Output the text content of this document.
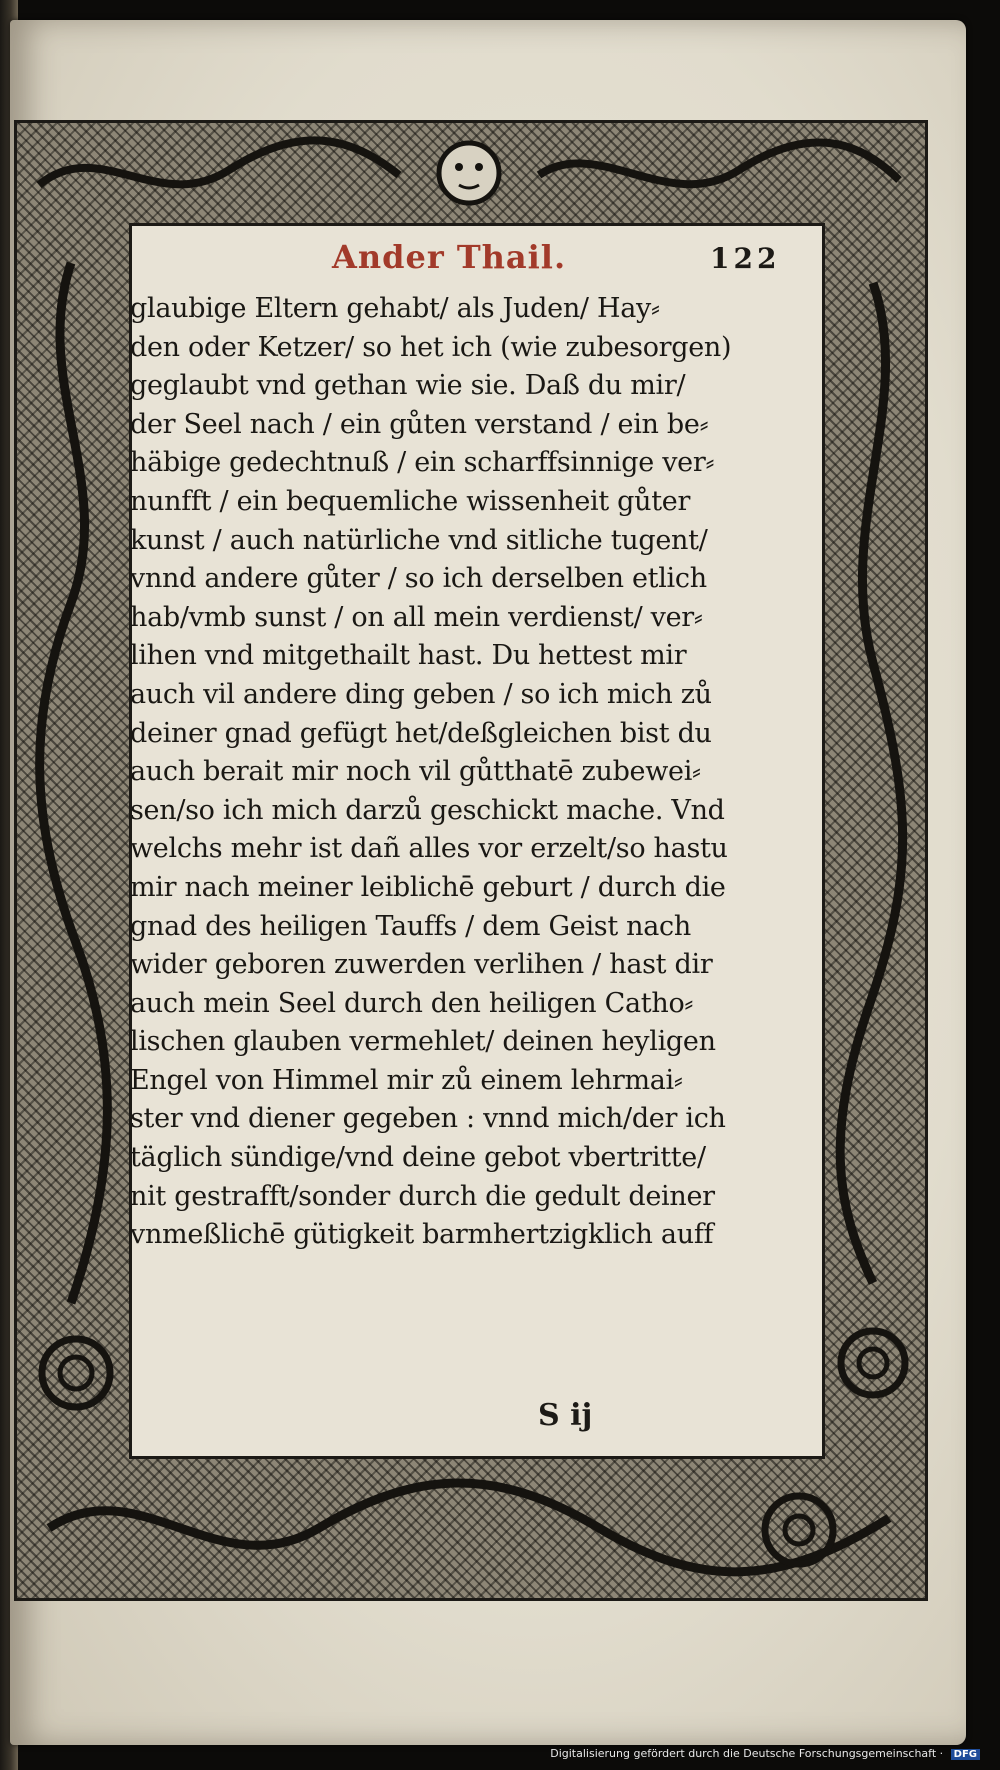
Ander Thail.	122
glaubige Eltern gehabt/ als Juden/ Hay⸗
den oder Ketzer/ so het ich (wie zubesorgen)
geglaubt vnd gethan wie sie. Daß du mir/
der Seel nach / ein gůten verstand / ein be⸗
häbige gedechtnuß / ein scharffsinnige ver⸗
nunfft / ein bequemliche wissenheit gůter
kunst / auch natürliche vnd sitliche tugent/
vnnd andere gůter / so ich derselben etlich
hab/vmb sunst / on all mein verdienst/ ver⸗
lihen vnd mitgethailt hast. Du hettest mir
auch vil andere ding geben / so ich mich zů
deiner gnad gefügt het/deßgleichen bist du
auch berait mir noch vil gůtthatē zubewei⸗
sen/so ich mich darzů geschickt mache. Vnd
welchs mehr ist dañ alles vor erzelt/so hastu
mir nach meiner leiblichē geburt / durch die
gnad des heiligen Tauffs / dem Geist nach
wider geboren zuwerden verlihen / hast dir
auch mein Seel durch den heiligen Catho⸗
lischen glauben vermehlet/ deinen heyligen
Engel von Himmel mir zů einem lehrmai⸗
ster vnd diener gegeben : vnnd mich/der ich
täglich sündige/vnd deine gebot vbertritte/
nit gestrafft/sonder durch die gedult deiner
vnmeßlichē gütigkeit barmhertzigklich auff
S ij
Digitalisierung gefördert durch die Deutsche Forschungsgemeinschaft · DFG
